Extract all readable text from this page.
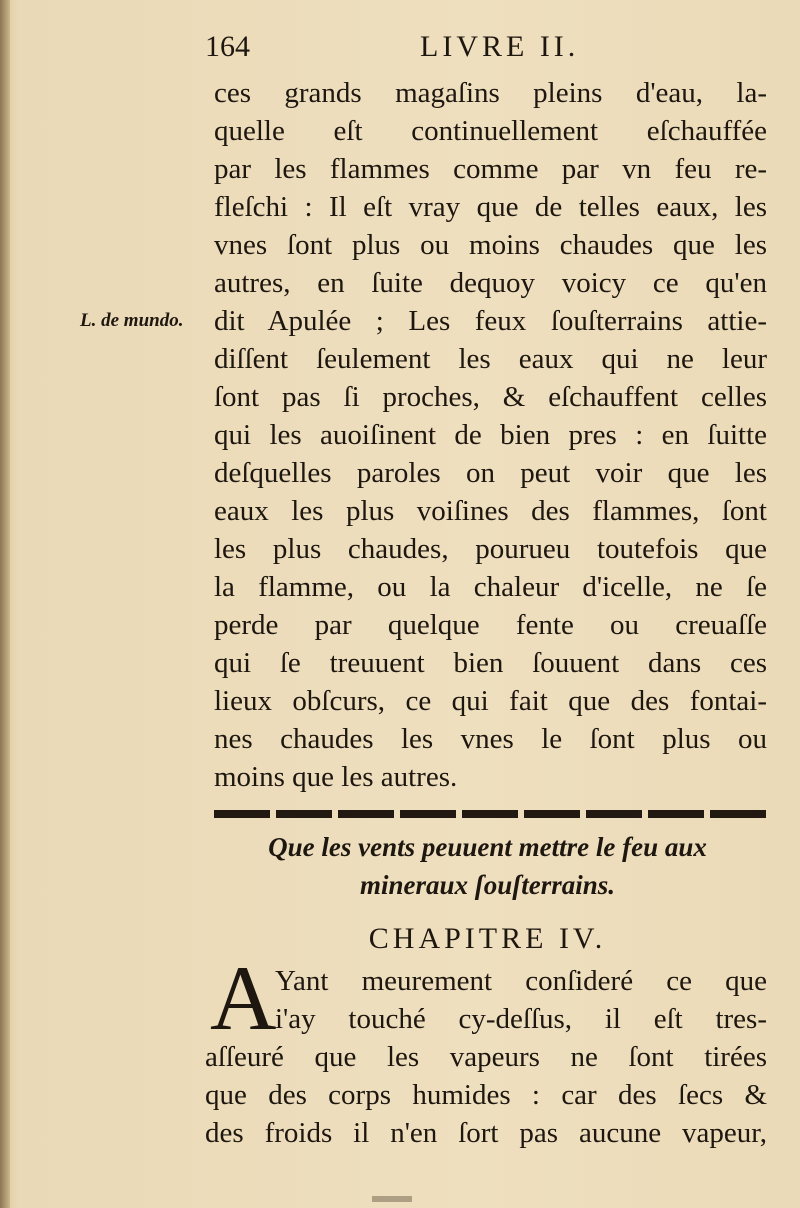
164	LIVRE II.
L. de mundo.
ces grands magaſins pleins d'eau, la-
quelle eſt continuellement eſchauffée
par les flammes comme par vn feu re-
fleſchi : Il eſt vray que de telles eaux, les
vnes ſont plus ou moins chaudes que les
autres, en ſuite dequoy voicy ce qu'en
dit Apulée ; Les feux ſouſterrains attie-
diſſent ſeulement les eaux qui ne leur
ſont pas ſi proches, & eſchauffent celles
qui les auoiſinent de bien pres : en ſuitte
deſquelles paroles on peut voir que les
eaux les plus voiſines des flammes, ſont
les plus chaudes, pourueu toutefois que
la flamme, ou la chaleur d'icelle, ne ſe
perde par quelque fente ou creuaſſe
qui ſe treuuent bien ſouuent dans ces
lieux obſcurs, ce qui fait que des fontai-
nes chaudes les vnes le ſont plus ou
moins que les autres.
Que les vents peuuent mettre le feu aux
mineraux ſouſterrains.
CHAPITRE IV.
A
Yant meurement conſideré ce que
i'ay touché cy-deſſus, il eſt tres-
aſſeuré que les vapeurs ne ſont tirées
que des corps humides : car des ſecs &
des froids il n'en ſort pas aucune vapeur,
